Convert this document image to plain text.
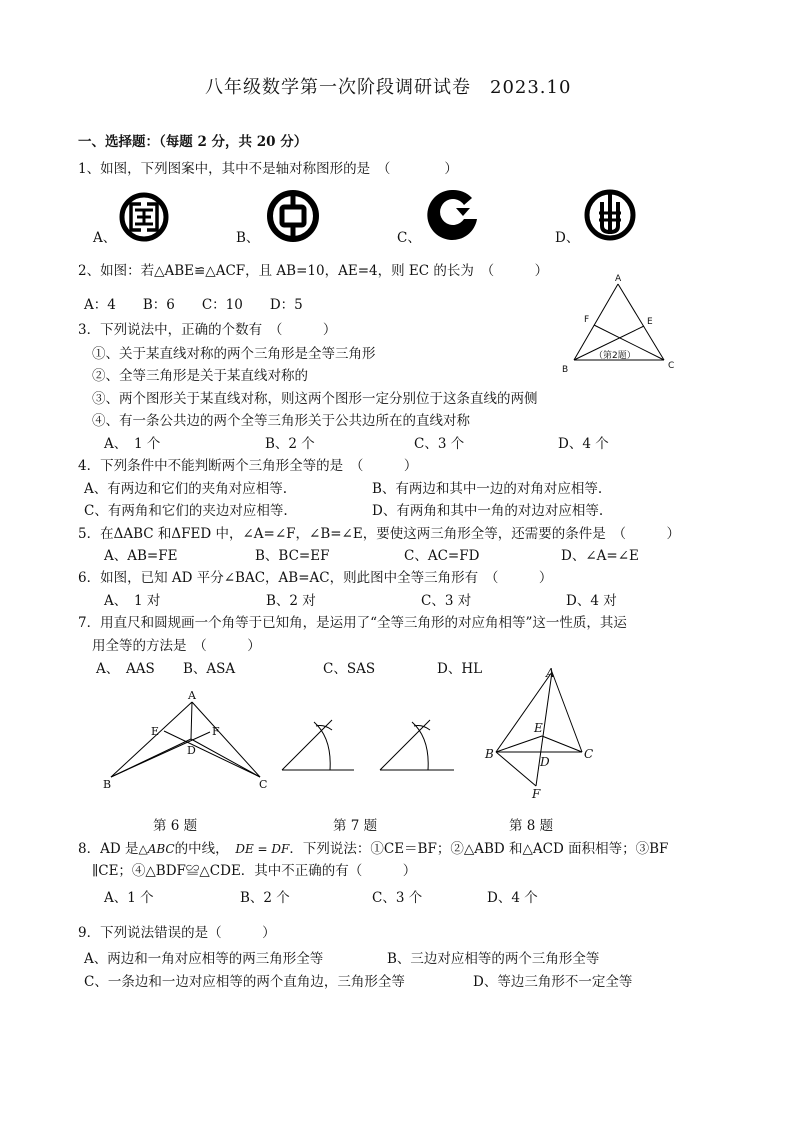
八年级数学第一次阶段调研试卷　2023.10
一、选择题：（每题 2 分，共 20 分）
1、如图，下列图案中，其中不是轴对称图形的是　（　　　　）
A、	B、	C、	D、
2、如图：若△ABE≌△ACF，且 AB=10，AE=4，则 EC 的长为　（　　　）
A：4　　B：6　　C：10　　D：5
A
F	E
B	C
（第2题）
3．下列说法中，正确的个数有　（　　　）
①、关于某直线对称的两个三角形是全等三角形
②、全等三角形是关于某直线对称的
③、两个图形关于某直线对称，则这两个图形一定分别位于这条直线的两侧
④、有一条公共边的两个全等三角形关于公共边所在的直线对称
A、　1 个	B、2 个	C、3 个	D、4 个
4．下列条件中不能判断两个三角形全等的是　（　　　）
A、有两边和它们的夹角对应相等.	B、有两边和其中一边的对角对应相等.
C、有两角和它们的夹边对应相等.	D、有两角和其中一角的对边对应相等.
5．在ΔABC 和ΔFED 中，∠A=∠F，∠B=∠E，要使这两三角形全等，还需要的条件是　（　　　）
A、AB=FE	B、BC=EF	C、AC=FD	D、∠A=∠E
6．如图，已知 AD 平分∠BAC，AB=AC，则此图中全等三角形有　（　　　）
A、　1 对	B、2 对	C、3 对	D、4 对
7．用直尺和圆规画一个角等于已知角，是运用了“全等三角形的对应角相等”这一性质，其运
用全等的方法是　（　　　）
A、　AAS B、ASA	C、SAS	D、HL
A
E	F
D
B	C
A
E
B	C
D
F
第 6 题	第 7 题	第 8 题
8．AD 是△ABC的中线，　 DE = DF．下列说法：①CE＝BF；②△ABD 和△ACD 面积相等；③BF
∥CE；④△BDF≌△CDE．其中不正确的有（　　　）
A、1 个	B、2 个	C、3 个	D、4 个
9．下列说法错误的是（　　　）
A、两边和一角对应相等的两三角形全等	B、三边对应相等的两个三角形全等
C、一条边和一边对应相等的两个直角边，三角形全等	D、等边三角形不一定全等
